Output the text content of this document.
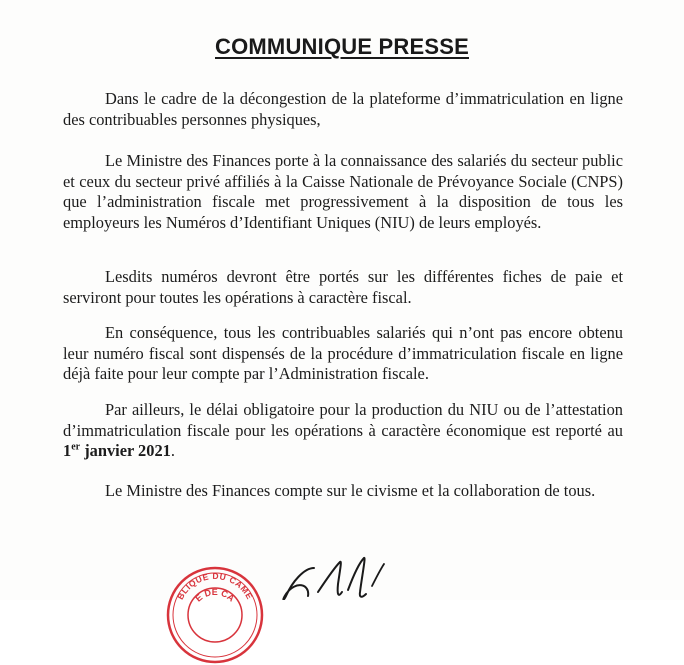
COMMUNIQUE PRESSE

Dans le cadre de la décongestion de la plateforme d’immatriculation en ligne des contribuables personnes physiques,

Le Ministre des Finances porte à la connaissance des salariés du secteur public et ceux du secteur privé affiliés à la Caisse Nationale de Prévoyance Sociale (CNPS) que l’administration fiscale met progressivement à la disposition de tous les employeurs les Numéros d’Identifiant Uniques (NIU) de leurs employés.

Lesdits numéros devront être portés sur les différentes fiches de paie et serviront pour toutes les opérations à caractère fiscal.

En conséquence, tous les contribuables salariés qui n’ont pas encore obtenu leur numéro fiscal sont dispensés de la procédure d’immatriculation fiscale en ligne déjà faite pour leur compte par l’Administration fiscale.

Par ailleurs, le délai obligatoire pour la production du NIU ou de l’attestation d’immatriculation fiscale pour les opérations à caractère économique est reporté au 1er janvier 2021.

Le Ministre des Finances compte sur le civisme et la collaboration de tous.

BLIQUE DU CAME
E DE CA
